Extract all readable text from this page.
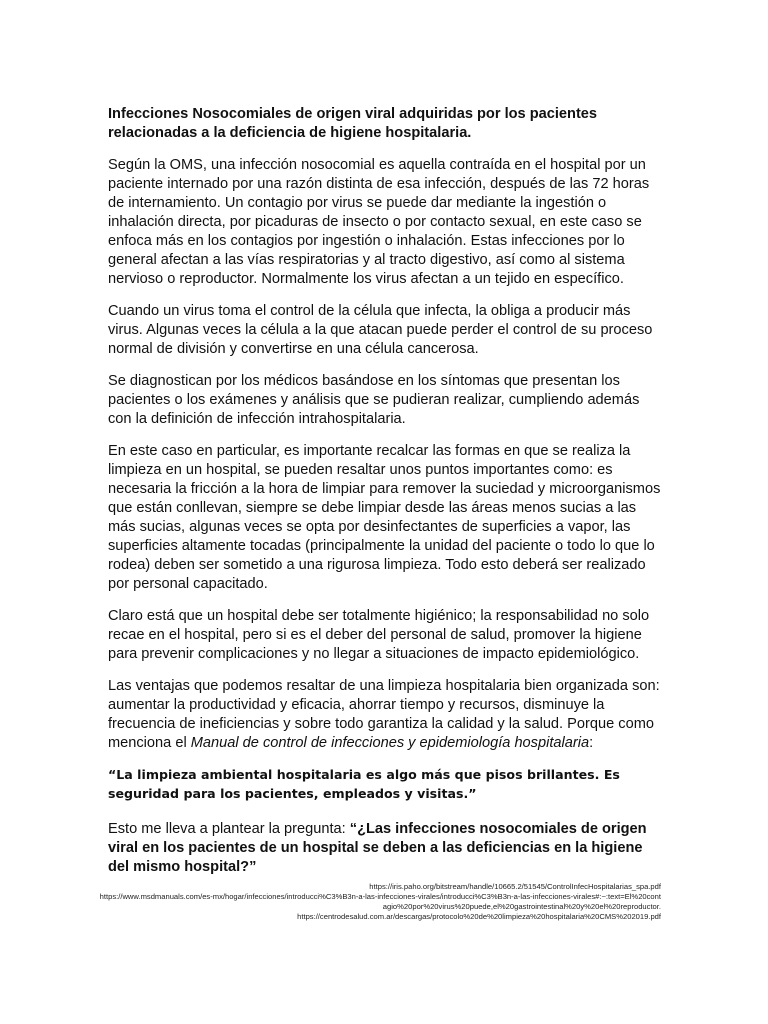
Infecciones Nosocomiales de origen viral adquiridas por los pacientes relacionadas a la deficiencia de higiene hospitalaria.

Según la OMS, una infección nosocomial es aquella contraída en el hospital por un paciente internado por una razón distinta de esa infección, después de las 72 horas de internamiento. Un contagio por virus se puede dar mediante la ingestión o inhalación directa, por picaduras de insecto o por contacto sexual, en este caso se enfoca más en los contagios por ingestión o inhalación. Estas infecciones por lo general afectan a las vías respiratorias y al tracto digestivo, así como al sistema nervioso o reproductor. Normalmente los virus afectan a un tejido en específico.

Cuando un virus toma el control de la célula que infecta, la obliga a producir más virus. Algunas veces la célula a la que atacan puede perder el control de su proceso normal de división y convertirse en una célula cancerosa.

Se diagnostican por los médicos basándose en los síntomas que presentan los pacientes o los exámenes y análisis que se pudieran realizar, cumpliendo además con la definición de infección intrahospitalaria.

En este caso en particular, es importante recalcar las formas en que se realiza la limpieza en un hospital, se pueden resaltar unos puntos importantes como: es necesaria la fricción a la hora de limpiar para remover la suciedad y microorganismos que están conllevan, siempre se debe limpiar desde las áreas menos sucias a las más sucias, algunas veces se opta por desinfectantes de superficies a vapor, las superficies altamente tocadas (principalmente la unidad del paciente o todo lo que lo rodea) deben ser sometido a una rigurosa limpieza. Todo esto deberá ser realizado por personal capacitado.

Claro está que un hospital debe ser totalmente higiénico; la responsabilidad no solo recae en el hospital, pero si es el deber del personal de salud, promover la higiene para prevenir complicaciones y no llegar a situaciones de impacto epidemiológico.

Las ventajas que podemos resaltar de una limpieza hospitalaria bien organizada son: aumentar la productividad y eficacia, ahorrar tiempo y recursos, disminuye la frecuencia de ineficiencias y sobre todo garantiza la calidad y la salud. Porque como menciona el Manual de control de infecciones y epidemiología hospitalaria:

“La limpieza ambiental hospitalaria es algo más que pisos brillantes. Es seguridad para los pacientes, empleados y visitas.”

Esto me lleva a plantear la pregunta: “¿Las infecciones nosocomiales de origen viral en los pacientes de un hospital se deben a las deficiencias en la higiene del mismo hospital?”

https://iris.paho.org/bitstream/handle/10665.2/51545/ControlInfecHospitalarias_spa.pdf
https://www.msdmanuals.com/es-mx/hogar/infecciones/introducci%C3%B3n-a-las-infecciones-virales/introducci%C3%B3n-a-las-infecciones-virales#:~:text=El%20contagio%20por%20virus%20puede,el%20gastrointestinal%20y%20el%20reproductor.
https://centrodesalud.com.ar/descargas/protocolo%20de%20limpieza%20hospitalaria%20CMS%202019.pdf
